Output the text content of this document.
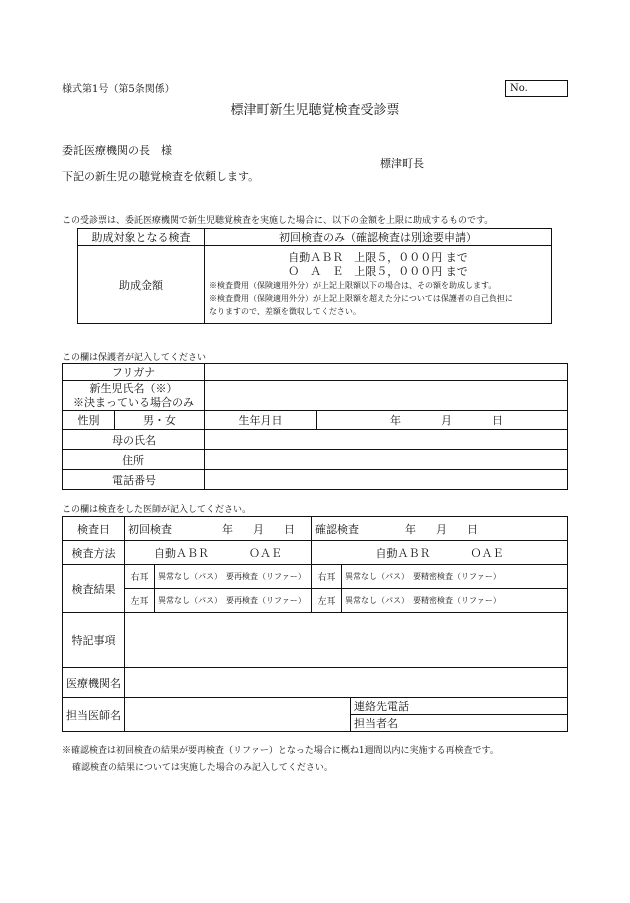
様式第1号（第5条関係）	No.
標津町新生児聴覚検査受診票
委託医療機関の長　様
標津町長
下記の新生児の聴覚検査を依頼します。
この受診票は、委託医療機関で新生児聴覚検査を実施した場合に、以下の金額を上限に助成するものです。
助成対象となる検査	初回検査のみ（確認検査は別途要申請）
助成金額	自動ＡＢＲ　上限５，０００円 まで
Ｏ　Ａ　Ｅ　上限５，０００円 まで
※検査費用（保険適用外分）が上記上限額以下の場合は、その額を助成します。
※検査費用（保険適用外分）が上記上限額を超えた分については保護者の自己負担に
なりますので、差額を徴収してください。
この欄は保護者が記入してください
フリガナ			

新生児氏名（※）
※決まっている場合のみ			

性別	男・女	生年月日	年 月 日
母の氏名			
住所			
電話番号			
この欄は検査をした医師が記入してください。
検査日	初回検査 年 月 日		確認検査 年 月 日		
検査方法	自動ＡＢＲ ＯＡＥ		自動ＡＢＲ ＯＡＥ		
検査結果	右耳	異常なし（パス）　 要再検査（リファー）	右耳	異常なし（パス）　 要精密検査（リファー）	
	左耳	異常なし（パス）　 要再検査（リファー）	左耳	異常なし（パス）　 要精密検査（リファー）	
特記事項					
医療機関名					
担当医師名					連絡先電話
					担当者名
※確認検査は初回検査の結果が要再検査（リファー）となった場合に概ね1週間以内に実施する再検査です。
確認検査の結果については実施した場合のみ記入してください。
